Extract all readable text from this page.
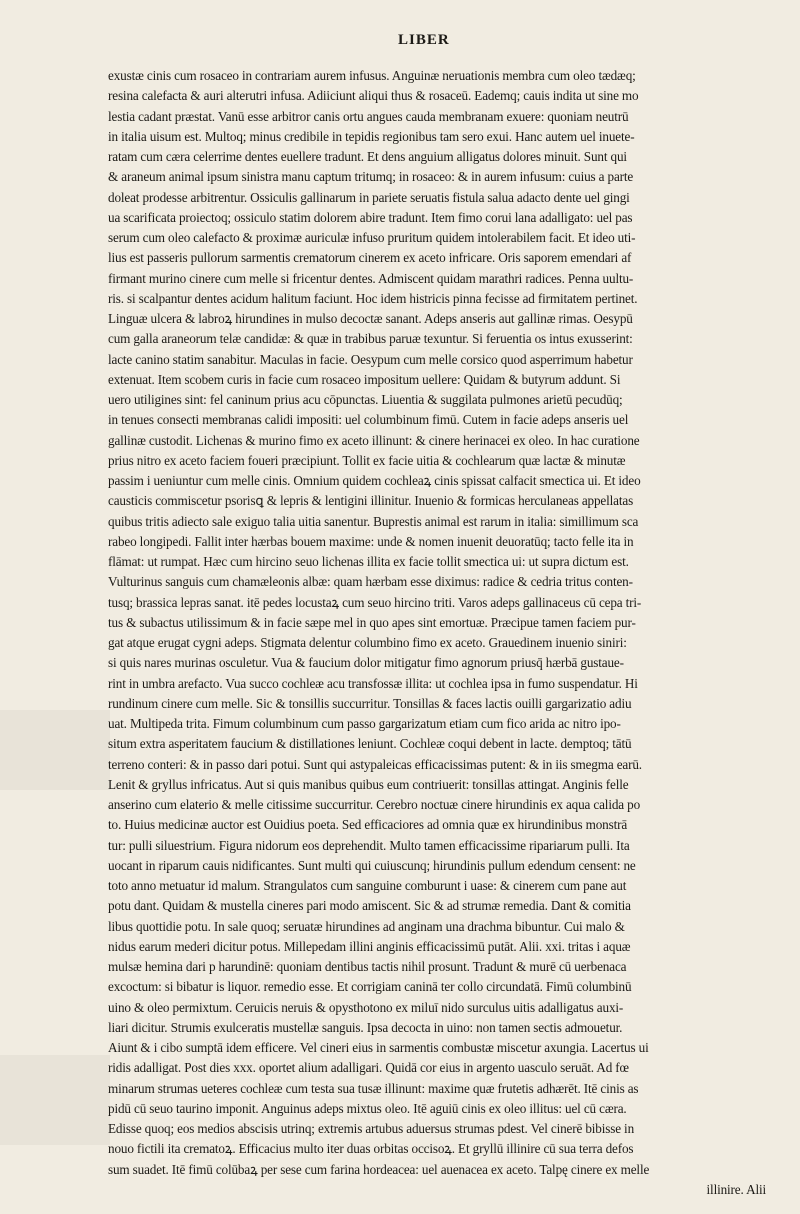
LIBER
exustæ cinis cum rosaceo in contrariam aurem infusus. Anguinæ neruationis membra cum oleo tædæq;
resina calefacta & auri alterutri infusa. Adiiciunt aliqui thus & rosaceū. Eademq; cauis indita ut sine mo
lestia cadant præstat. Vanū esse arbitror canis ortu angues cauda membranam exuere: quoniam neutrū
in italia uisum est. Multoq; minus credibile in tepidis regionibus tam sero exui. Hanc autem uel inuete-
ratam cum cæra celerrime dentes euellere tradunt. Et dens anguium alligatus dolores minuit. Sunt qui
& araneum animal ipsum sinistra manu captum tritumq; in rosaceo: & in aurem infusum: cuius a parte
doleat prodesse arbitrentur. Ossiculis gallinarum in pariete seruatis fistula salua adacto dente uel gingi
ua scarificata proiectoq; ossiculo statim dolorem abire tradunt. Item fimo corui lana adalligato: uel pas
serum cum oleo calefacto & proximæ auriculæ infuso pruritum quidem intolerabilem facit. Et ideo uti-
lius est passeris pullorum sarmentis crematorum cinerem ex aceto infricare. Oris saporem emendari af
firmant murino cinere cum melle si fricentur dentes. Admiscent quidam marathri radices. Penna uultu-
ris. si scalpantur dentes acidum halitum faciunt. Hoc idem histricis pinna fecisse ad firmitatem pertinet.
Linguæ ulcera & labroꝝ hirundines in mulso decoctæ sanant. Adeps anseris aut gallinæ rimas. Oesypū
cum galla araneorum telæ candidæ: & quæ in trabibus paruæ texuntur. Si feruentia os intus exusserint:
lacte canino statim sanabitur. Maculas in facie. Oesypum cum melle corsico quod asperrimum habetur
extenuat. Item scobem curis in facie cum rosaceo impositum uellere: Quidam & butyrum addunt. Si
uero utiligines sint: fel caninum prius acu cōpunctas. Liuentia & suggilata pulmones arietū pecudūq;
in tenues consecti membranas calidi impositi: uel columbinum fimū. Cutem in facie adeps anseris uel
gallinæ custodit. Lichenas & murino fimo ex aceto illinunt: & cinere herinacei ex oleo. In hac curatione
prius nitro ex aceto faciem foueri præcipiunt. Tollit ex facie uitia & cochlearum quæ lactæ & minutæ
passim i ueniuntur cum melle cinis. Omnium quidem cochleaꝝ cinis spissat calfacit smectica ui. Et ideo
causticis commiscetur psorisꝗ & lepris & lentigini illinitur. Inuenio & formicas herculaneas appellatas
quibus tritis adiecto sale exiguo talia uitia sanentur. Buprestis animal est rarum in italia: simillimum sca
rabeo longipedi. Fallit inter hærbas bouem maxime: unde & nomen inuenit deuoratūq; tacto felle ita in
flāmat: ut rumpat. Hæc cum hircino seuo lichenas illita ex facie tollit smectica ui: ut supra dictum est.
Vulturinus sanguis cum chamæleonis albæ: quam hærbam esse diximus: radice & cedria tritus conten-
tusq; brassica lepras sanat. itē pedes locustaꝝ cum seuo hircino triti. Varos adeps gallinaceus cū cepa tri-
tus & subactus utilissimum & in facie sæpe mel in quo apes sint emortuæ. Præcipue tamen faciem pur-
gat atque erugat cygni adeps. Stigmata delentur columbino fimo ex aceto. Grauedinem inuenio siniri:
si quis nares murinas osculetur. Vua & faucium dolor mitigatur fimo agnorum priusq̄ hærbā gustaue-
rint in umbra arefacto. Vua succo cochleæ acu transfossæ illita: ut cochlea ipsa in fumo suspendatur. Hi
rundinum cinere cum melle. Sic & tonsillis succurritur. Tonsillas & faces lactis ouilli gargarizatio adiu
uat. Multipeda trita. Fimum columbinum cum passo gargarizatum etiam cum fico arida ac nitro ipo-
situm extra asperitatem faucium & distillationes leniunt. Cochleæ coqui debent in lacte. demptoq; tātū
terreno conteri: & in passo dari potui. Sunt qui astypaleicas efficacissimas putent: & in iis smegma earū.
Lenit & gryllus infricatus. Aut si quis manibus quibus eum contriuerit: tonsillas attingat. Anginis felle
anserino cum elaterio & melle citissime succurritur. Cerebro noctuæ cinere hirundinis ex aqua calida po
to. Huius medicinæ auctor est Ouidius poeta. Sed efficaciores ad omnia quæ ex hirundinibus monstrā
tur: pulli siluestrium. Figura nidorum eos deprehendit. Multo tamen efficacissime ripariarum pulli. Ita
uocant in riparum cauis nidificantes. Sunt multi qui cuiuscunq; hirundinis pullum edendum censent: ne
toto anno metuatur id malum. Strangulatos cum sanguine comburunt i uase: & cinerem cum pane aut
potu dant. Quidam & mustella cineres pari modo amiscent. Sic & ad strumæ remedia. Dant & comitia
libus quottidie potu. In sale quoq; seruatæ hirundines ad anginam una drachma bibuntur. Cui malo &
nidus earum mederi dicitur potus. Millepedam illini anginis efficacissimū putāt. Alii. xxi. tritas i aquæ
mulsæ hemina dari p harundinē: quoniam dentibus tactis nihil prosunt. Tradunt & murē cū uerbenaca
excoctum: si bibatur is liquor. remedio esse. Et corrigiam caninā ter collo circundatā. Fimū columbinū
uino & oleo permixtum. Ceruicis neruis & opysthotono ex miluī nido surculus uitis adalligatus auxi-
liari dicitur. Strumis exulceratis mustellæ sanguis. Ipsa decocta in uino: non tamen sectis admouetur.
Aiunt & i cibo sumptā idem efficere. Vel cineri eius in sarmentis combustæ miscetur axungia. Lacertus ui
ridis adalligat. Post dies xxx. oportet alium adalligari. Quidā cor eius in argento uasculo seruāt. Ad fœ
minarum strumas ueteres cochleæ cum testa sua tusæ illinunt: maxime quæ frutetis adhærēt. Itē cinis as
pidū cū seuo taurino imponit. Anguinus adeps mixtus oleo. Itē aguiū cinis ex oleo illitus: uel cū cæra.
Edisse quoq; eos medios abscisis utrinq; extremis artubus aduersus strumas pdest. Vel cinerē bibisse in
nouo fictili ita crematoꝝ. Efficacius multo iter duas orbitas occisoꝝ. Et gryllū illinire cū sua terra defos
sum suadet. Itē fimū colūbaꝝ per sese cum farina hordeacea: uel auenacea ex aceto. Talpę cinere ex melle
illinire. Alii
